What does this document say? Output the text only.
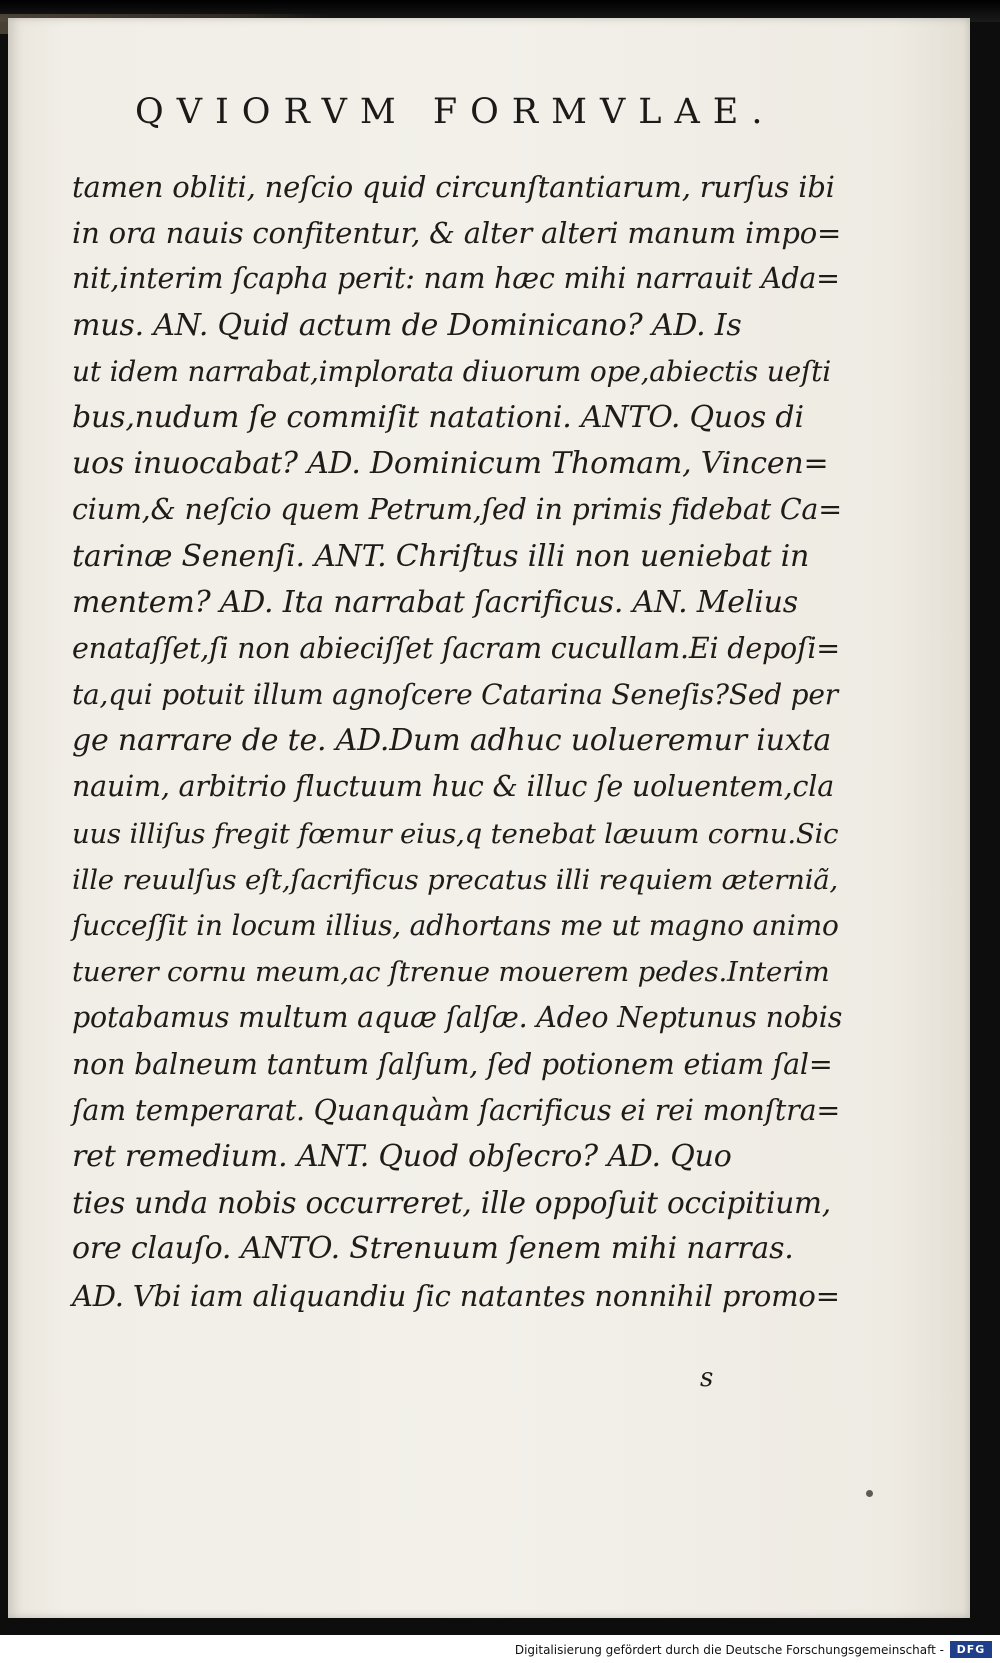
QVIORVM FORMVLAE.
tamen obliti, neſcio quid circunſtantiarum, rurſus ibi
in ora nauis confitentur, & alter alteri manum impo=
nit,interim ſcapha perit: nam hæc mihi narrauit Ada=
mus. AN. Quid actum de Dominicano? AD. Is
ut idem narrabat,implorata diuorum ope,abiectis ueſti
bus,nudum ſe commiſit natationi. ANTO. Quos di
uos inuocabat? AD. Dominicum Thomam, Vincen=
cium,& neſcio quem Petrum,ſed in primis fidebat Ca=
tarinæ Senenſi. ANT. Chriſtus illi non ueniebat in
mentem? AD. Ita narrabat ſacrificus. AN. Melius
enataſſet,ſi non abieciſſet ſacram cucullam.Ei depoſi=
ta,qui potuit illum agnoſcere Catarina Seneſis?Sed per
ge narrare de te. AD.Dum adhuc uolueremur iuxta
nauim, arbitrio fluctuum huc & illuc ſe uoluentem,cla
uus illiſus fregit fœmur eius,q tenebat læuum cornu.Sic
ille reuulſus eſt,ſacrificus precatus illi requiem æterniã,
ſucceſſit in locum illius, adhortans me ut magno animo
tuerer cornu meum,ac ſtrenue mouerem pedes.Interim
potabamus multum aquæ ſalſæ. Adeo Neptunus nobis
non balneum tantum ſalſum, ſed potionem etiam ſal=
ſam temperarat. Quanquàm ſacrificus ei rei monſtra=
ret remedium. ANT. Quod obſecro? AD. Quo
ties unda nobis occurreret, ille oppoſuit occipitium,
ore clauſo. ANTO. Strenuum ſenem mihi narras.
AD. Vbi iam aliquandiu ſic natantes nonnihil promo=
s
Digitalisierung gefördert durch die Deutsche Forschungsgemeinschaft -	DFG
